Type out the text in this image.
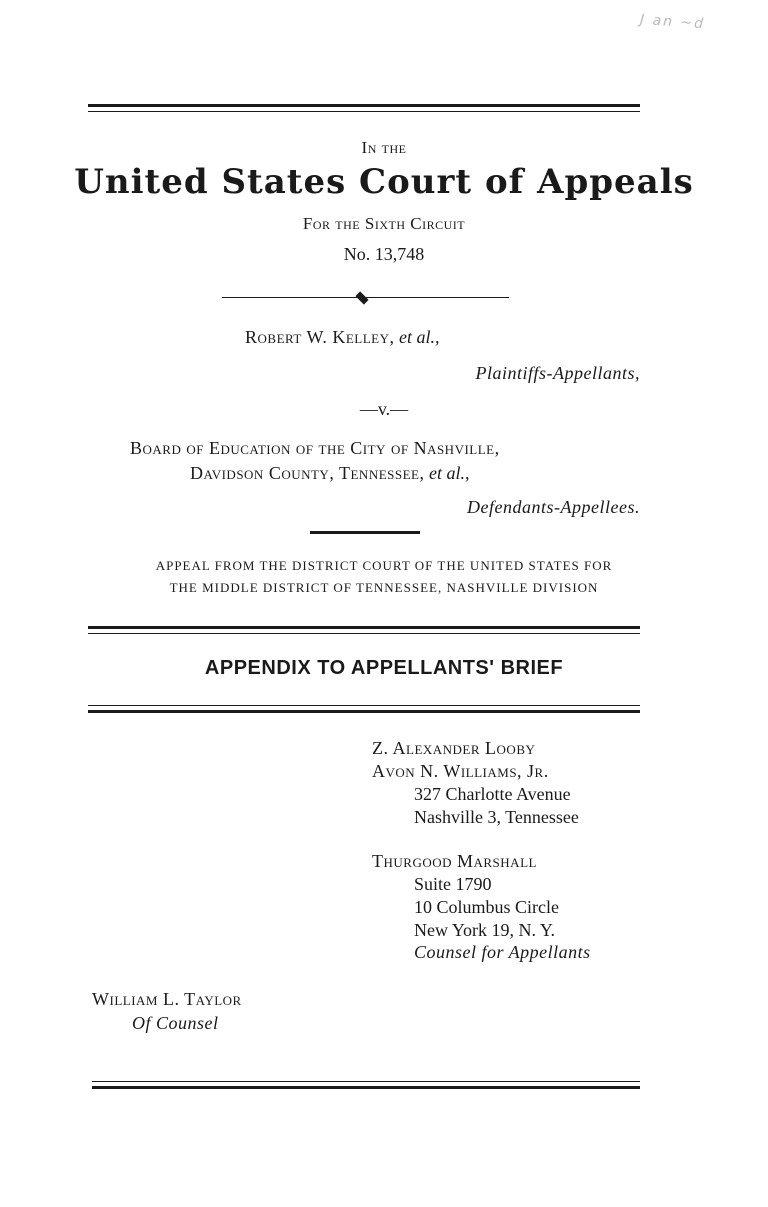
J an ~d
In the
United States Court of Appeals
For the Sixth Circuit
No. 13,748
Robert W. Kelley, et al.,
Plaintiffs-Appellants,
—v.—
Board of Education of the City of Nashville,
Davidson County, Tennessee, et al.,
Defendants-Appellees.
APPEAL FROM THE DISTRICT COURT OF THE UNITED STATES FOR
THE MIDDLE DISTRICT OF TENNESSEE, NASHVILLE DIVISION
APPENDIX TO APPELLANTS' BRIEF
Z. Alexander Looby
Avon N. Williams, Jr.
327 Charlotte Avenue
Nashville 3, Tennessee
Thurgood Marshall
Suite 1790
10 Columbus Circle
New York 19, N. Y.
Counsel for Appellants
William L. Taylor
Of Counsel
